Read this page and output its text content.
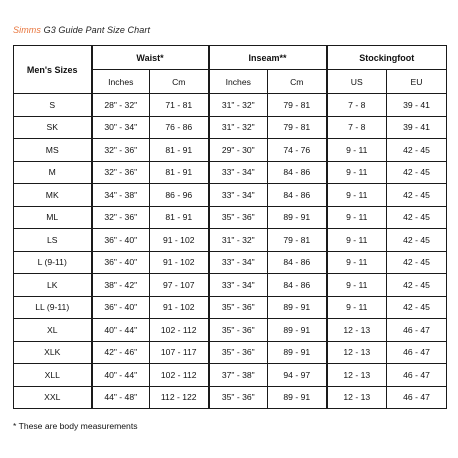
Simms G3 Guide Pant Size Chart
Men's Sizes	Waist*		Inseam**		Stockingfoot	
	Inches	Cm	Inches	Cm	US	EU
S	28" - 32"	71 - 81	31" - 32"	79 - 81	7 - 8	39 - 41
SK	30" - 34"	76 - 86	31" - 32"	79 - 81	7 - 8	39 - 41
MS	32" - 36"	81 - 91	29" - 30"	74 - 76	9 - 11	42 - 45
M	32" - 36"	81 - 91	33" - 34"	84 - 86	9 - 11	42 - 45
MK	34" - 38"	86 - 96	33" - 34"	84 - 86	9 - 11	42 - 45
ML	32" - 36"	81 - 91	35" - 36"	89 - 91	9 - 11	42 - 45
LS	36" - 40"	91 - 102	31" - 32"	79 - 81	9 - 11	42 - 45
L (9-11)	36" - 40"	91 - 102	33" - 34"	84 - 86	9 - 11	42 - 45
LK	38" - 42"	97 - 107	33" - 34"	84 - 86	9 - 11	42 - 45
LL (9-11)	36" - 40"	91 - 102	35" - 36"	89 - 91	9 - 11	42 - 45
XL	40" - 44"	102 - 112	35" - 36"	89 - 91	12 - 13	46 - 47
XLK	42" - 46"	107 - 117	35" - 36"	89 - 91	12 - 13	46 - 47
XLL	40" - 44"	102 - 112	37" - 38"	94 - 97	12 - 13	46 - 47
XXL	44" - 48"	112 - 122	35" - 36"	89 - 91	12 - 13	46 - 47
* These are body measurements
